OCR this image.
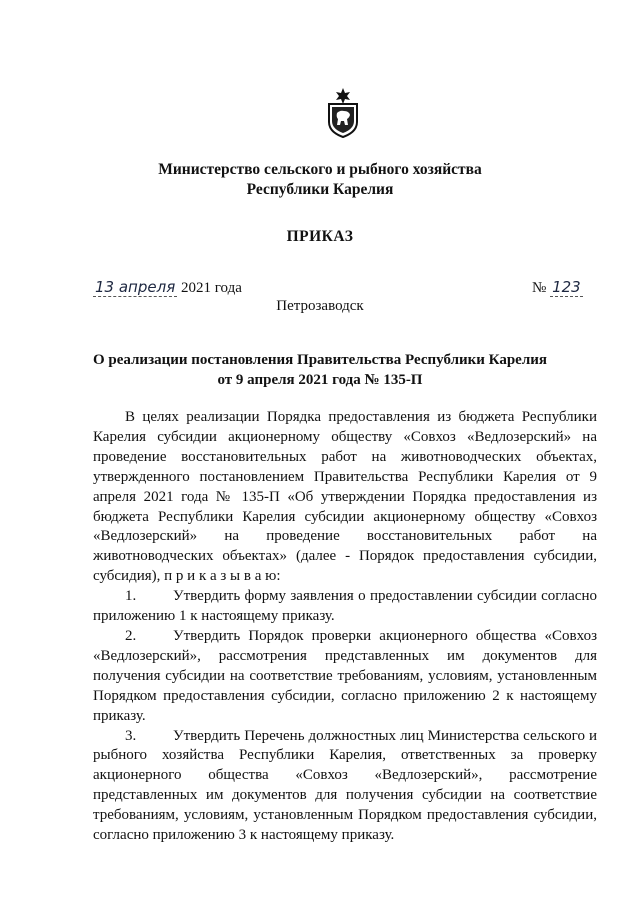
Министерство сельского и рыбного хозяйства
Республики Карелия
ПРИКАЗ
13 апреля 2021 года	№ 123
Петрозаводск
О реализации постановления Правительства Республики Карелия
от 9 апреля 2021 года № 135-П

В целях реализации Порядка предоставления из бюджета Республики Карелия субсидии акционерному обществу «Совхоз «Ведлозерский» на проведение восстановительных работ на животноводческих объектах, утвержденного постановлением Правительства Республики Карелия от 9 апреля 2021 года № 135-П «Об утверждении Порядка предоставления из бюджета Республики Карелия субсидии акционерному обществу «Совхоз «Ведлозерский» на проведение восстановительных работ на животноводческих объектах» (далее - Порядок предоставления субсидии, субсидия), п р и к а з ы в а ю:

1. Утвердить форму заявления о предоставлении субсидии согласно приложению 1 к настоящему приказу.

2. Утвердить Порядок проверки акционерного общества «Совхоз «Ведлозерский», рассмотрения представленных им документов для получения субсидии на соответствие требованиям, условиям, установленным Порядком предоставления субсидии, согласно приложению 2 к настоящему приказу.

3. Утвердить Перечень должностных лиц Министерства сельского и рыбного хозяйства Республики Карелия, ответственных за проверку акционерного общества «Совхоз «Ведлозерский», рассмотрение представленных им документов для получения субсидии на соответствие требованиям, условиям, установленным Порядком предоставления субсидии, согласно приложению 3 к настоящему приказу.
